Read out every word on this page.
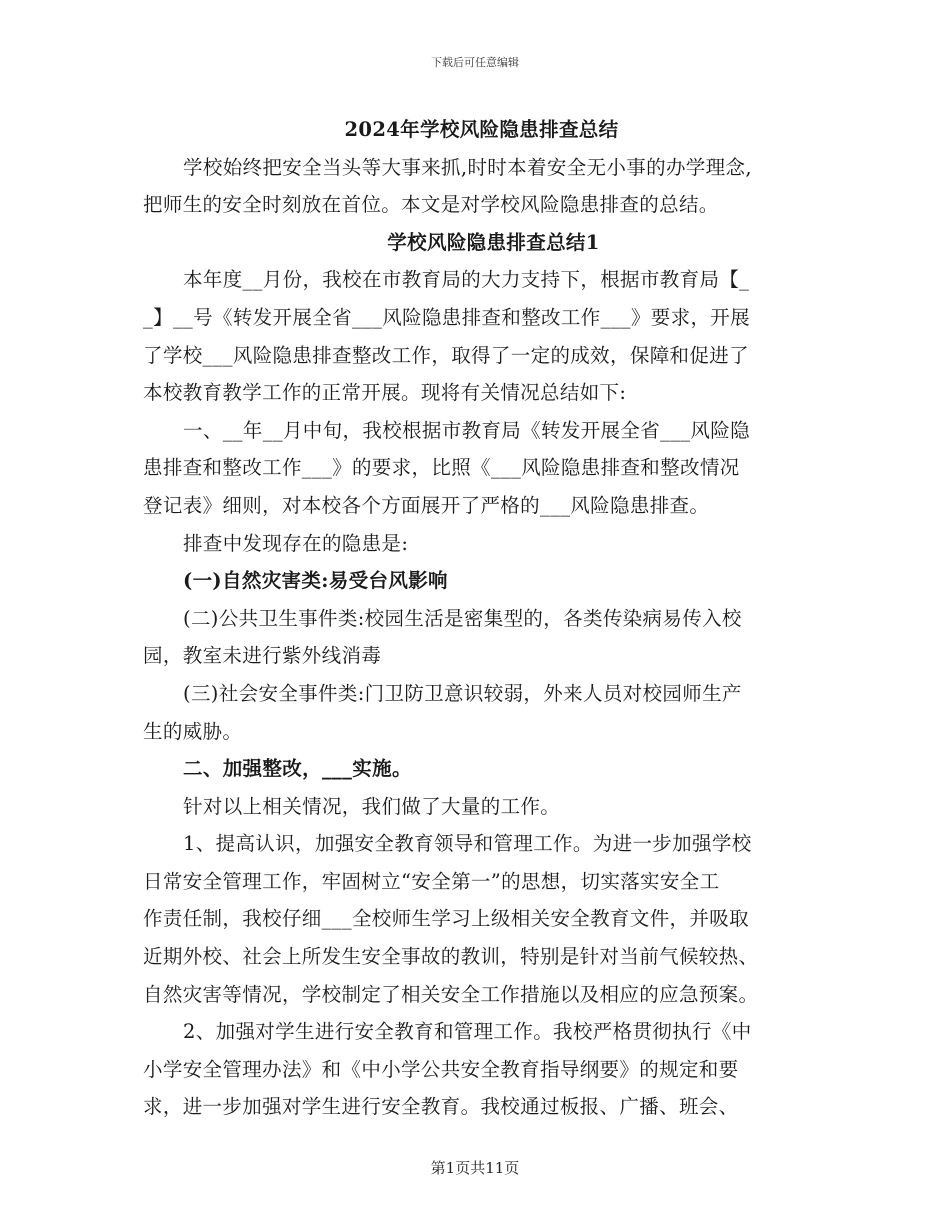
下载后可任意编辑
2024年学校风险隐患排查总结
学校始终把安全当头等大事来抓,时时本着安全无小事的办学理念,
把师生的安全时刻放在首位。本文是对学校风险隐患排查的总结。
学校风险隐患排查总结1
本年度__月份，我校在市教育局的大力支持下，根据市教育局【_
_】__号《转发开展全省___风险隐患排查和整改工作___》要求，开展
了学校___风险隐患排查整改工作，取得了一定的成效，保障和促进了
本校教育教学工作的正常开展。现将有关情况总结如下:
一、__年__月中旬，我校根据市教育局《转发开展全省___风险隐
患排查和整改工作___》的要求，比照《___风险隐患排查和整改情况
登记表》细则，对本校各个方面展开了严格的___风险隐患排查。
排查中发现存在的隐患是:
(一)自然灾害类:易受台风影响
(二)公共卫生事件类:校园生活是密集型的，各类传染病易传入校
园，教室未进行紫外线消毒
(三)社会安全事件类:门卫防卫意识较弱，外来人员对校园师生产
生的威胁。
二、加强整改，___实施。
针对以上相关情况，我们做了大量的工作。
1、提高认识，加强安全教育领导和管理工作。为进一步加强学校
日常安全管理工作，牢固树立“安全第一”的思想，切实落实安全工
作责任制，我校仔细___全校师生学习上级相关安全教育文件，并吸取
近期外校、社会上所发生安全事故的教训，特别是针对当前气候较热、
自然灾害等情况，学校制定了相关安全工作措施以及相应的应急预案。
2、加强对学生进行安全教育和管理工作。我校严格贯彻执行《中
小学安全管理办法》和《中小学公共安全教育指导纲要》的规定和要
求，进一步加强对学生进行安全教育。我校通过板报、广播、班会、
第1页共11页
